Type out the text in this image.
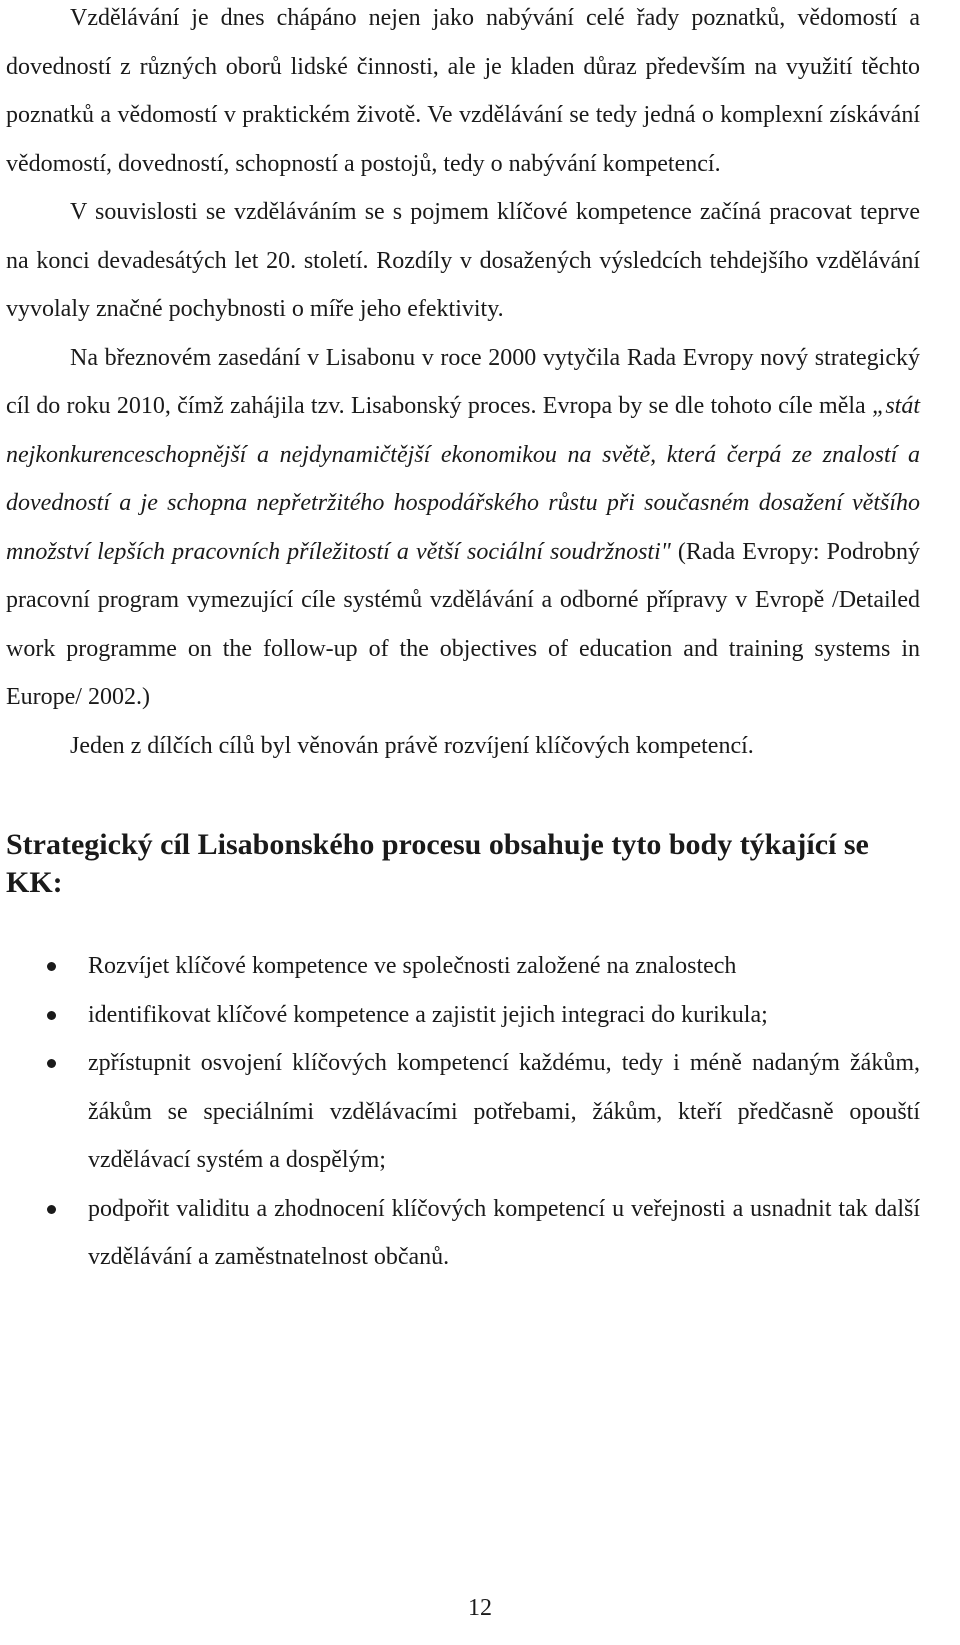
Vzdělávání je dnes chápáno nejen jako nabývání celé řady poznatků, vědomostí a dovedností z různých oborů lidské činnosti, ale je kladen důraz především na využití těchto poznatků a vědomostí v praktickém životě. Ve vzdělávání se tedy jedná o komplexní získávání vědomostí, dovedností, schopností a postojů, tedy o nabývání kompetencí.

V souvislosti se vzděláváním se s pojmem klíčové kompetence začíná pracovat teprve na konci devadesátých let 20. století. Rozdíly v dosažených výsledcích tehdejšího vzdělávání vyvolaly značné pochybnosti o míře jeho efektivity.

Na březnovém zasedání v Lisabonu v roce 2000 vytyčila Rada Evropy nový strategický cíl do roku 2010, čímž zahájila tzv. Lisabonský proces. Evropa by se dle tohoto cíle měla „stát nejkonkurenceschopnější a nejdynamičtější ekonomikou na světě, která čerpá ze znalostí a dovedností a je schopna nepřetržitého hospodářského růstu při současném dosažení většího množství lepších pracovních příležitostí a větší sociální soudržnosti" (Rada Evropy: Podrobný pracovní program vymezující cíle systémů vzdělávání a odborné přípravy v Evropě /Detailed work programme on the follow-up of the objectives of education and training systems in Europe/ 2002.)

Jeden z dílčích cílů byl věnován právě rozvíjení klíčových kompetencí.

Strategický cíl Lisabonského procesu obsahuje tyto body týkající se KK:
Rozvíjet klíčové kompetence ve společnosti založené na znalostech
identifikovat klíčové kompetence a zajistit jejich integraci do kurikula;
zpřístupnit osvojení klíčových kompetencí každému, tedy i méně nadaným žákům, žákům se speciálními vzdělávacími potřebami, žákům, kteří předčasně opouští vzdělávací systém a dospělým;
podpořit validitu a zhodnocení klíčových kompetencí u veřejnosti a usnadnit tak další vzdělávání a zaměstnatelnost občanů.
12
